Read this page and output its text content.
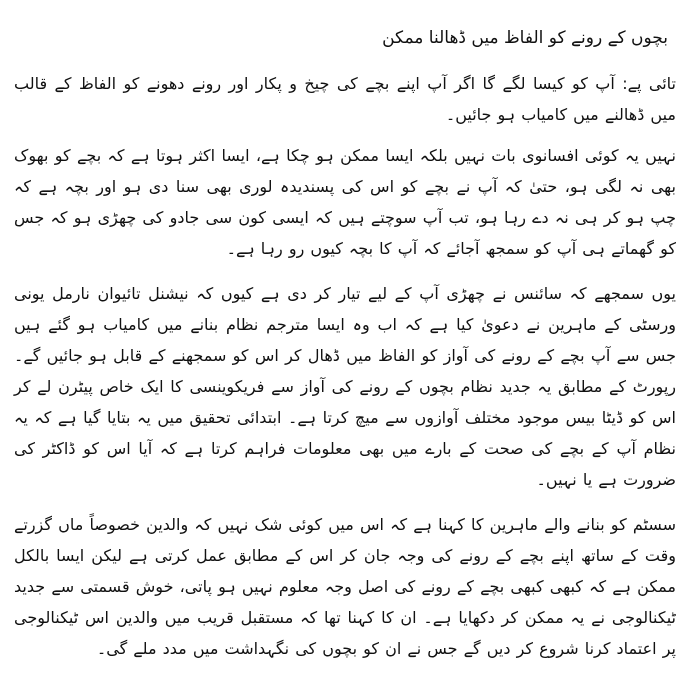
بچوں کے رونے کو الفاظ میں ڈھالنا ممکن

تائی پے: آپ کو کیسا لگے گا اگر آپ اپنے بچے کی چیخ و پکار اور رونے دھونے کو الفاظ کے قالب میں ڈھالنے میں کامیاب ہو جائیں۔

نہیں یہ کوئی افسانوی بات نہیں بلکہ ایسا ممکن ہو چکا ہے، ایسا اکثر ہوتا ہے کہ بچے کو بھوک بھی نہ لگی ہو، حتیٰ کہ آپ نے بچے کو اس کی پسندیدہ لوری بھی سنا دی ہو اور بچہ ہے کہ چپ ہو کر ہی نہ دے رہا ہو، تب آپ سوچتے ہیں کہ ایسی کون سی جادو کی چھڑی ہو کہ جس کو گھماتے ہی آپ کو سمجھ آجائے کہ آپ کا بچہ کیوں رو رہا ہے۔

یوں سمجھے کہ سائنس نے چھڑی آپ کے لیے تیار کر دی ہے کیوں کہ نیشنل تائیوان نارمل یونی ورسٹی کے ماہرین نے دعویٰ کیا ہے کہ اب وہ ایسا مترجم نظام بنانے میں کامیاب ہو گئے ہیں جس سے آپ بچے کے رونے کی آواز کو الفاظ میں ڈھال کر اس کو سمجھنے کے قابل ہو جائیں گے۔ رپورٹ کے مطابق یہ جدید نظام بچوں کے رونے کی آواز سے فریکوینسی کا ایک خاص پیٹرن لے کر اس کو ڈیٹا بیس موجود مختلف آوازوں سے میچ کرتا ہے۔ ابتدائی تحقیق میں یہ بتایا گیا ہے کہ یہ نظام آپ کے بچے کی صحت کے بارے میں بھی معلومات فراہم کرتا ہے کہ آیا اس کو ڈاکٹر کی ضرورت ہے یا نہیں۔

سسٹم کو بنانے والے ماہرین کا کہنا ہے کہ اس میں کوئی شک نہیں کہ والدین خصوصاً ماں گزرتے وقت کے ساتھ اپنے بچے کے رونے کی وجہ جان کر اس کے مطابق عمل کرتی ہے لیکن ایسا بالکل ممکن ہے کہ کبھی کبھی بچے کے رونے کی اصل وجہ معلوم نہیں ہو پاتی، خوش قسمتی سے جدید ٹیکنالوجی نے یہ ممکن کر دکھایا ہے۔ ان کا کہنا تھا کہ مستقبل قریب میں والدین اس ٹیکنالوجی پر اعتماد کرنا شروع کر دیں گے جس نے ان کو بچوں کی نگہداشت میں مدد ملے گی۔
